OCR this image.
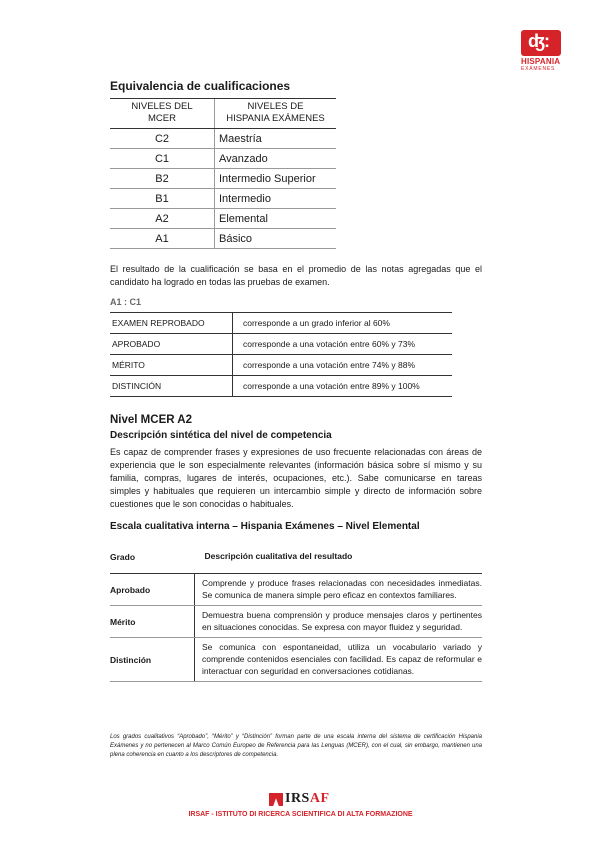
ʤ:
HISPANIA
EXÁMENES
Equivalencia de cualificaciones
NIVELES DEL MCER	NIVELES DE HISPANIA EXÁMENES
C2	Maestría
C1	Avanzado
B2	Intermedio Superior
B1	Intermedio
A2	Elemental
A1	Básico
El resultado de la cualificación se basa en el promedio de las notas agregadas que el candidato ha logrado en todas las pruebas de examen.
A1 : C1
EXAMEN REPROBADO	corresponde a un grado inferior al 60%
APROBADO	corresponde a una votación entre 60% y 73%
MÉRITO	corresponde a una votación entre 74% y 88%
DISTINCIÓN	corresponde a una votación entre 89% y 100%
Nivel MCER A2
Descripción sintética del nivel de competencia
Es capaz de comprender frases y expresiones de uso frecuente relacionadas con áreas de experiencia que le son especialmente relevantes (información básica sobre sí mismo y su familia, compras, lugares de interés, ocupaciones, etc.). Sabe comunicarse en tareas simples y habituales que requieren un intercambio simple y directo de información sobre cuestiones que le son conocidas o habituales.
Escala cualitativa interna – Hispania Exámenes – Nivel Elemental
Grado	Descripción cualitativa del resultado
Aprobado	Comprende y produce frases relacionadas con necesidades inmediatas. Se comunica de manera simple pero eficaz en contextos familiares.
Mérito	Demuestra buena comprensión y produce mensajes claros y pertinentes en situaciones conocidas. Se expresa con mayor fluidez y seguridad.
Distinción	Se comunica con espontaneidad, utiliza un vocabulario variado y comprende contenidos esenciales con facilidad. Es capaz de reformular e interactuar con seguridad en conversaciones cotidianas.
Los grados cualitativos “Aprobado”, “Mérito” y “Distinción” forman parte de una escala interna del sistema de certificación Hispania Exámenes y no pertenecen al Marco Común Europeo de Referencia para las Lenguas (MCER), con el cual, sin embargo, mantienen una plena coherencia en cuanto a los descriptores de competencia.
IRSAF
IRSAF - ISTITUTO DI RICERCA SCIENTIFICA DI ALTA FORMAZIONE
